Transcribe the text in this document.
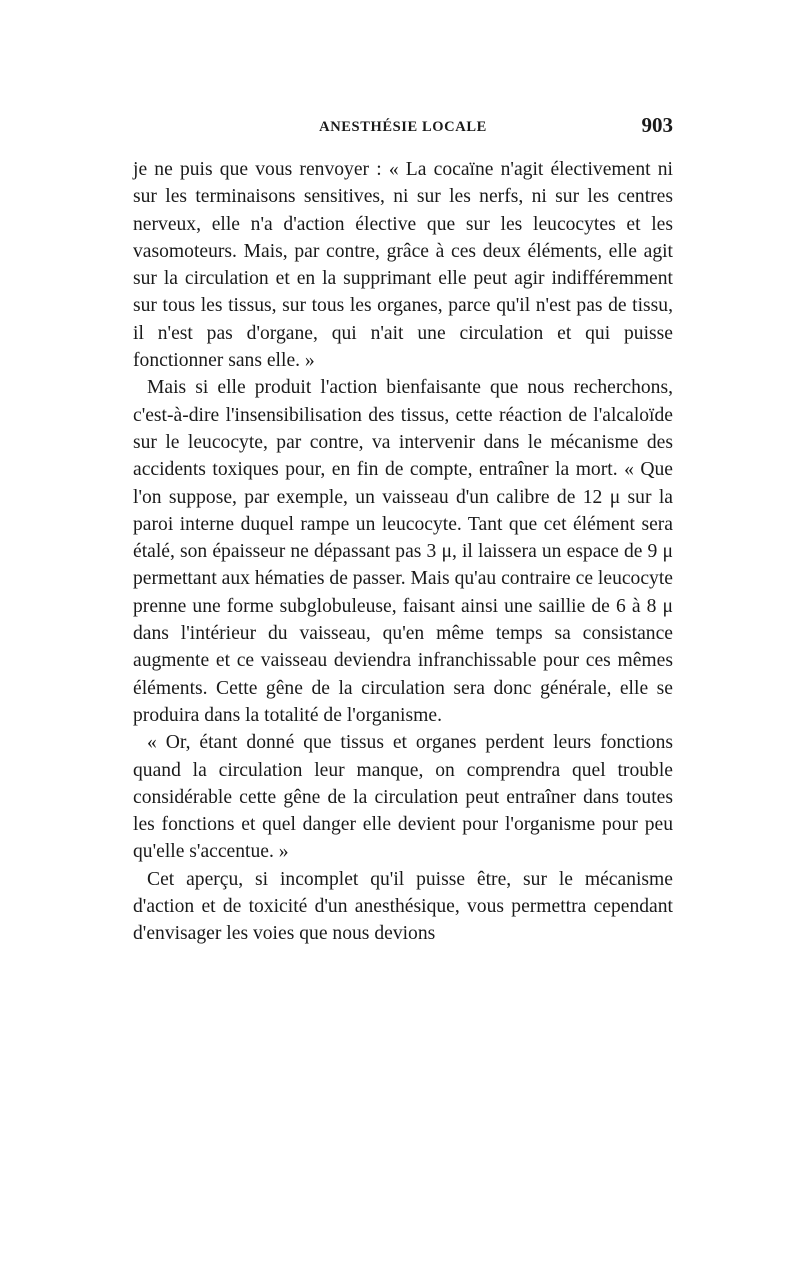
ANESTHÉSIE LOCALE	903

je ne puis que vous renvoyer : « La cocaïne n'agit électivement ni sur les terminaisons sensitives, ni sur les nerfs, ni sur les centres nerveux, elle n'a d'action élective que sur les leucocytes et les vasomoteurs. Mais, par contre, grâce à ces deux éléments, elle agit sur la circulation et en la supprimant elle peut agir indifféremment sur tous les tissus, sur tous les organes, parce qu'il n'est pas de tissu, il n'est pas d'organe, qui n'ait une circulation et qui puisse fonctionner sans elle. »

Mais si elle produit l'action bienfaisante que nous recherchons, c'est-à-dire l'insensibilisation des tissus, cette réaction de l'alcaloïde sur le leucocyte, par contre, va intervenir dans le mécanisme des accidents toxiques pour, en fin de compte, entraîner la mort. « Que l'on suppose, par exemple, un vaisseau d'un calibre de 12 μ sur la paroi interne duquel rampe un leucocyte. Tant que cet élément sera étalé, son épaisseur ne dépassant pas 3 μ, il laissera un espace de 9 μ permettant aux hématies de passer. Mais qu'au contraire ce leucocyte prenne une forme subglobuleuse, faisant ainsi une saillie de 6 à 8 μ dans l'intérieur du vaisseau, qu'en même temps sa consistance augmente et ce vaisseau deviendra infranchissable pour ces mêmes éléments. Cette gêne de la circulation sera donc générale, elle se produira dans la totalité de l'organisme.

« Or, étant donné que tissus et organes perdent leurs fonctions quand la circulation leur manque, on comprendra quel trouble considérable cette gêne de la circulation peut entraîner dans toutes les fonctions et quel danger elle devient pour l'organisme pour peu qu'elle s'accentue. »

Cet aperçu, si incomplet qu'il puisse être, sur le mécanisme d'action et de toxicité d'un anesthésique, vous permettra cependant d'envisager les voies que nous devions
